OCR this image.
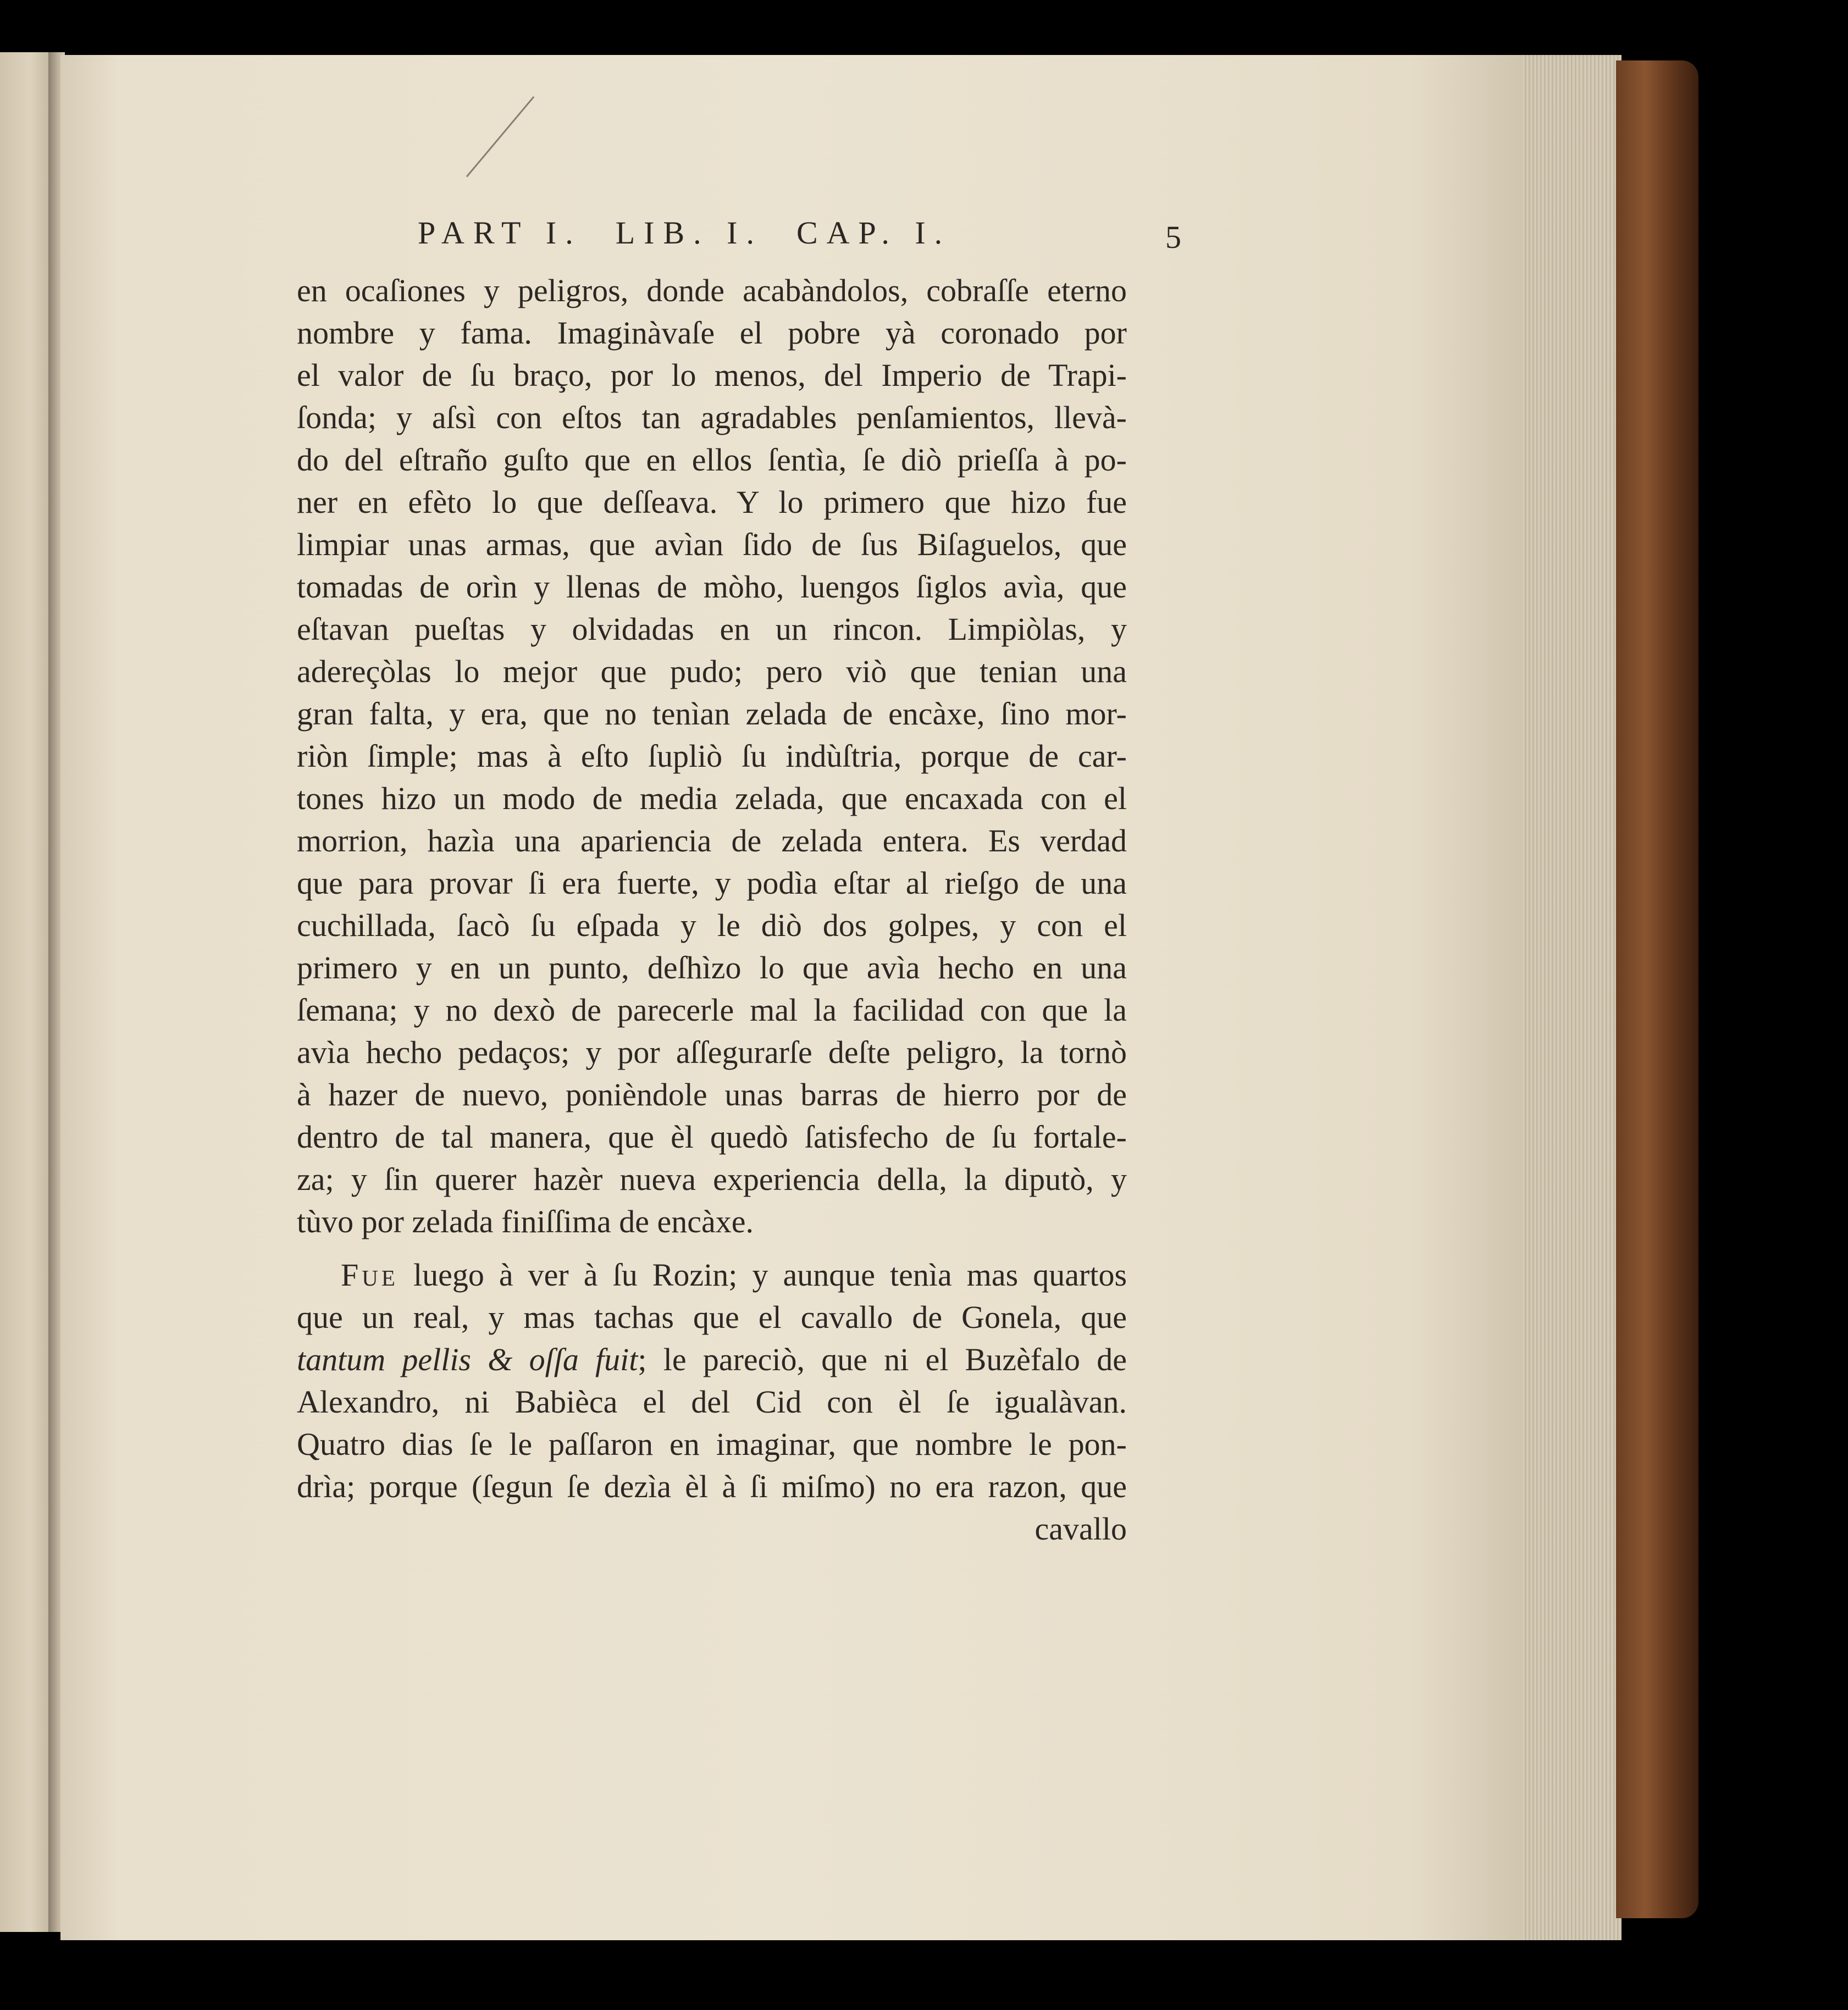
PART I.  LIB. I.  CAP. I.	5
en ocaſiones y peligros, donde acabàndolos, cobraſſe eterno
nombre y fama. Imaginàvaſe el pobre yà coronado por
el valor de ſu braço, por lo menos, del Imperio de Trapi-
ſonda; y aſsì con eſtos tan agradables penſamientos, llevà-
do del eſtraño guſto que en ellos ſentìa, ſe diò prieſſa à po-
ner en efèto lo que deſſeava. Y lo primero que hizo fue
limpiar unas armas, que avìan ſido de ſus Biſaguelos, que
tomadas de orìn y llenas de mòho, luengos ſiglos avìa, que
eſtavan pueſtas y olvidadas en un rincon. Limpiòlas, y
adereçòlas lo mejor que pudo; pero viò que tenian una
gran falta, y era, que no tenìan zelada de encàxe, ſino mor-
riòn ſimple; mas à eſto ſupliò ſu indùſtria, porque de car-
tones hizo un modo de media zelada, que encaxada con el
morrion, hazìa una apariencia de zelada entera. Es verdad
que para provar ſi era fuerte, y podìa eſtar al rieſgo de una
cuchillada, ſacò ſu eſpada y le diò dos golpes, y con el
primero y en un punto, deſhìzo lo que avìa hecho en una
ſemana; y no dexò de parecerle mal la facilidad con que la
avìa hecho pedaços; y por aſſegurarſe deſte peligro, la tornò
à hazer de nuevo, ponièndole unas barras de hierro por de
dentro de tal manera, que èl quedò ſatisfecho de ſu fortale-
za; y ſin querer hazèr nueva experiencia della, la diputò, y
tùvo por zelada finiſſima de encàxe.
Fue luego à ver à ſu Rozin; y aunque tenìa mas quartos
que un real, y mas tachas que el cavallo de Gonela, que
tantum pellis & oſſa fuit; le pareciò, que ni el Buzèfalo de
Alexandro, ni Babièca el del Cid con èl ſe igualàvan.
Quatro dias ſe le paſſaron en imaginar, que nombre le pon-
drìa; porque (ſegun ſe dezìa èl à ſi miſmo) no era razon, que
cavallo
